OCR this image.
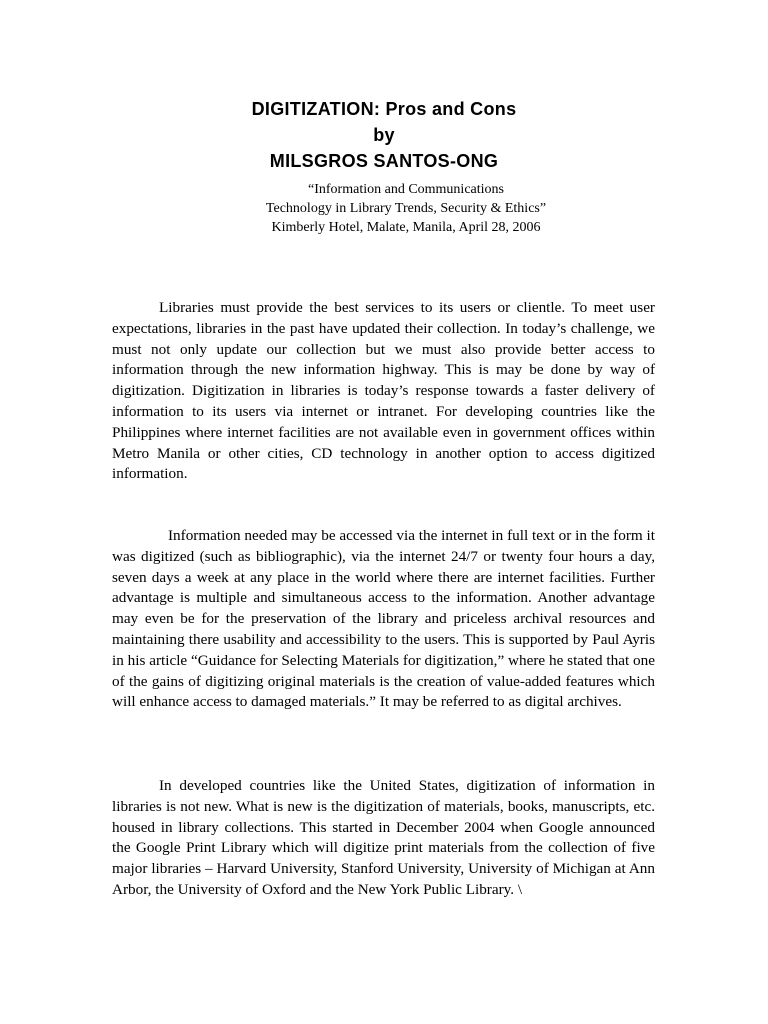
DIGITIZATION: Pros and Cons
by
MILSGROS SANTOS-ONG
“Information and Communications
Technology in Library Trends, Security & Ethics”
Kimberly Hotel, Malate, Manila, April 28, 2006

Libraries must provide the best services to its users or clientle. To meet user expectations, libraries in the past have updated their collection. In today’s challenge, we must not only update our collection but we must also provide better access to information through the new information highway. This is may be done by way of digitization. Digitization in libraries is today’s response towards a faster delivery of information to its users via internet or intranet. For developing countries like the Philippines where internet facilities are not available even in government offices within Metro Manila or other cities, CD technology in another option to access digitized information.

Information needed may be accessed via the internet in full text or in the form it was digitized (such as bibliographic), via the internet 24/7 or twenty four hours a day, seven days a week at any place in the world where there are internet facilities. Further advantage is multiple and simultaneous access to the information. Another advantage may even be for the preservation of the library and priceless archival resources and maintaining there usability and accessibility to the users. This is supported by Paul Ayris in his article “Guidance for Selecting Materials for digitization,” where he stated that one of the gains of digitizing original materials is the creation of value-added features which will enhance access to damaged materials.” It may be referred to as digital archives.

In developed countries like the United States, digitization of information in libraries is not new. What is new is the digitization of materials, books, manuscripts, etc. housed in library collections. This started in December 2004 when Google announced the Google Print Library which will digitize print materials from the collection of five major libraries – Harvard University, Stanford University, University of Michigan at Ann Arbor, the University of Oxford and the New York Public Library. \
